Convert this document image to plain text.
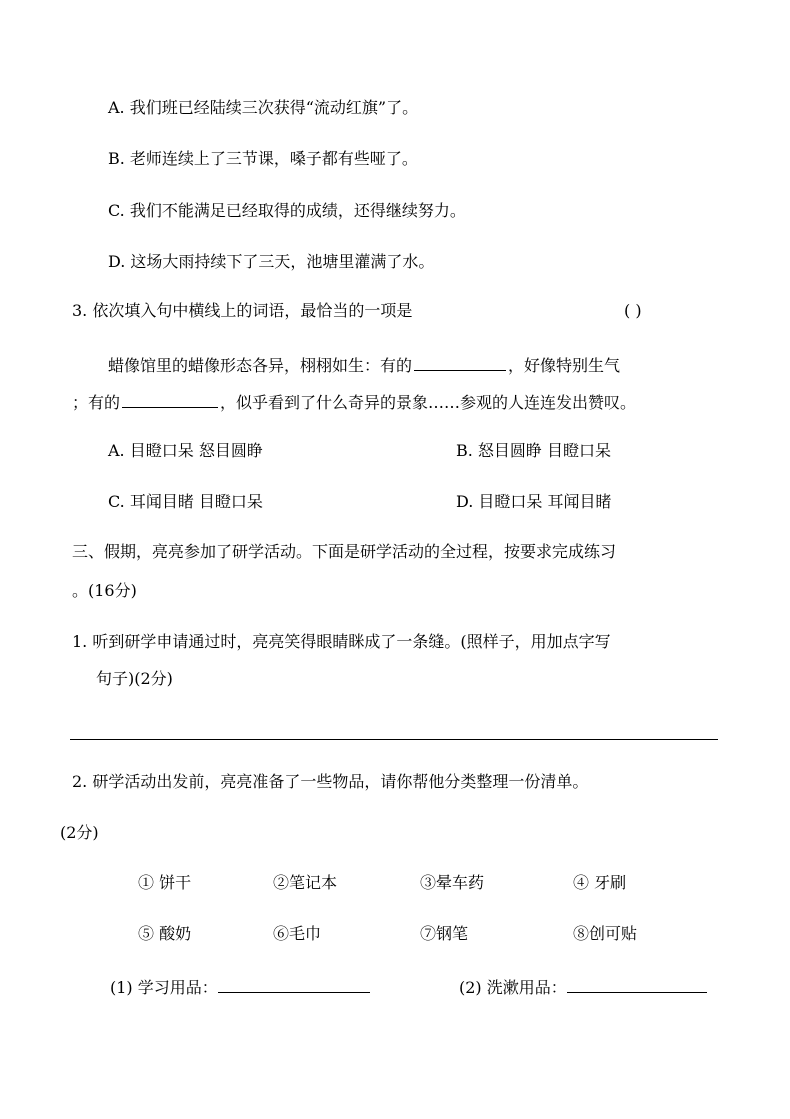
A. 我们班已经陆续三次获得“流动红旗”了。
B. 老师连续上了三节课，嗓子都有些哑了。
C. 我们不能满足已经取得的成绩，还得继续努力。
D. 这场大雨持续下了三天，池塘里灌满了水。
3. 依次填入句中横线上的词语，最恰当的一项是	( )
蜡像馆里的蜡像形态各异，栩栩如生：有的	，好像特别生气
；有的	，似乎看到了什么奇异的景象……参观的人连连发出赞叹。
A. 目瞪口呆 怒目圆睁	B. 怒目圆睁 目瞪口呆
C. 耳闻目睹 目瞪口呆	D. 目瞪口呆 耳闻目睹
三、假期，亮亮参加了研学活动。下面是研学活动的全过程，按要求完成练习
。(16分)
1. 听到研学申请通过时，亮亮笑得眼睛眯成了一条缝。(照样子，用加点字写
句子)(2分)
2. 研学活动出发前，亮亮准备了一些物品，请你帮他分类整理一份清单。
(2分)
① 饼干	②笔记本	③晕车药	④ 牙刷
⑤ 酸奶	⑥毛巾	⑦钢笔	⑧创可贴
(1) 学习用品：	(2) 洗漱用品：
